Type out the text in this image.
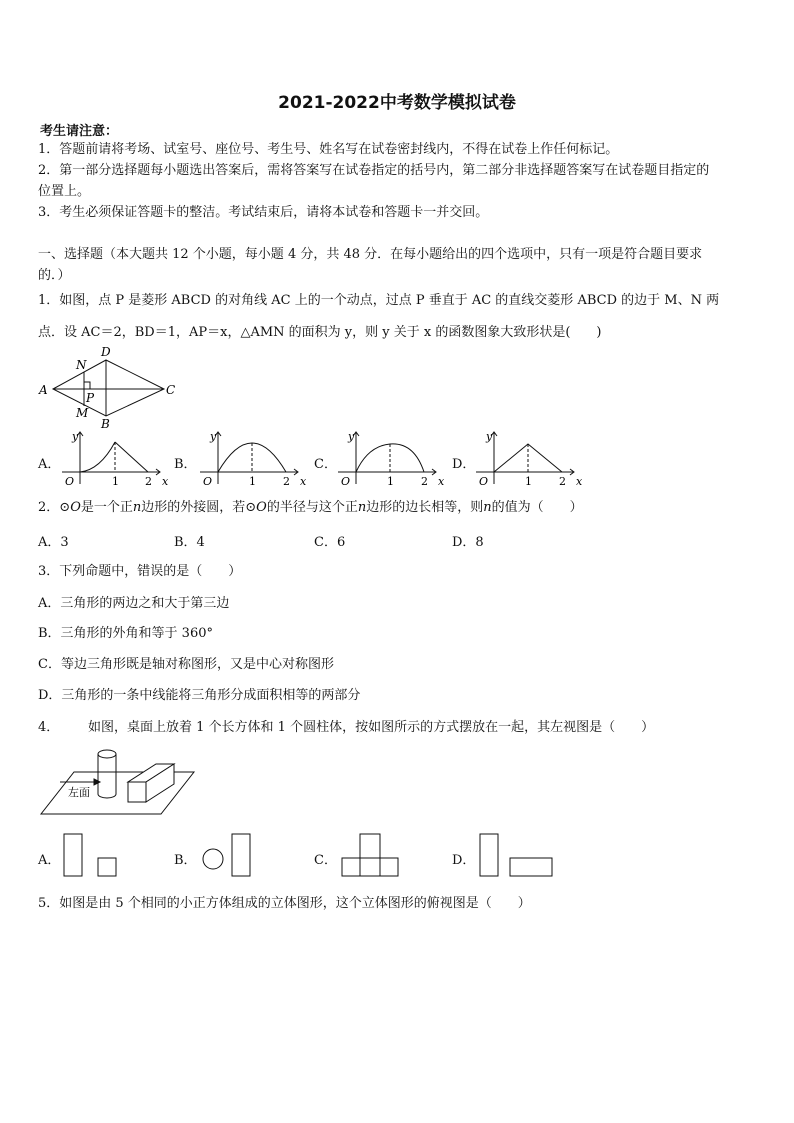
2021-2022中考数学模拟试卷
考生请注意：
1．答题前请将考场、试室号、座位号、考生号、姓名写在试卷密封线内，不得在试卷上作任何标记。
2．第一部分选择题每小题选出答案后，需将答案写在试卷指定的括号内，第二部分非选择题答案写在试卷题目指定的
位置上。
3．考生必须保证答题卡的整洁。考试结束后，请将本试卷和答题卡一并交回。
一、选择题（本大题共 12 个小题，每小题 4 分，共 48 分．在每小题给出的四个选项中，只有一项是符合题目要求
的．）
1．如图，点 P 是菱形 ABCD 的对角线 AC 上的一个动点，过点 P 垂直于 AC 的直线交菱形 ABCD 的边于 M、N 两
点．设 AC＝2，BD＝1，AP＝x，△AMN 的面积为 y，则 y 关于 x 的函数图象大致形状是(　　)
A
D
C
B
N
M
P
A．	B．	C．	D．
y
x
O	1 2
y
x
O	1 2
y
x
O	1 2
y
x
O	1 2
2．⊙O是一个正n边形的外接圆，若⊙O的半径与这个正n边形的边长相等，则n的值为（　　）
A．3	B．4	C．6	D．8
3．下列命题中，错误的是（　　）
A．三角形的两边之和大于第三边
B．三角形的外角和等于 360°
C．等边三角形既是轴对称图形，又是中心对称图形
D．三角形的一条中线能将三角形分成面积相等的两部分
4． 如图，桌面上放着 1 个长方体和 1 个圆柱体，按如图所示的方式摆放在一起，其左视图是（　　）
左面
A．	B．	C．	D．
5．如图是由 5 个相同的小正方体组成的立体图形，这个立体图形的俯视图是（　　）
